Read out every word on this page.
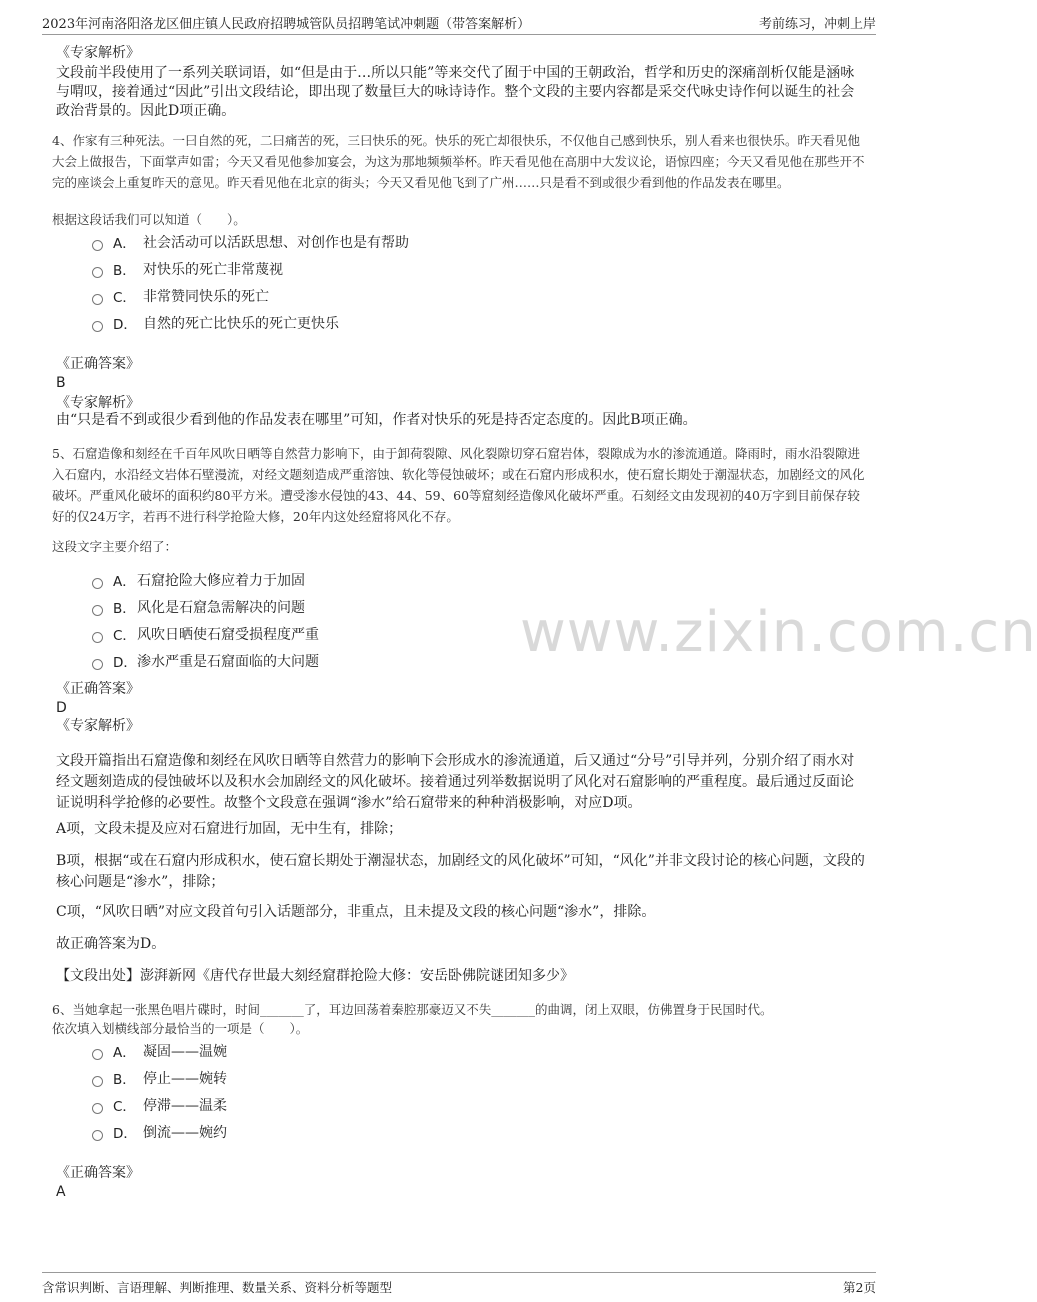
2023年河南洛阳洛龙区佃庄镇人民政府招聘城管队员招聘笔试冲刺题（带答案解析）	考前练习，冲刺上岸
www.zixin.com.cn
《专家解析》
文段前半段使用了一系列关联词语，如“但是由于…所以只能”等来交代了囿于中国的王朝政治，哲学和历史的深痛剖析仅能是涵咏与喟叹，接着通过“因此”引出文段结论，即出现了数量巨大的咏诗诗作。整个文段的主要内容都是采交代咏史诗作何以诞生的社会政治背景的。因此D项正确。
4、作家有三种死法。一曰自然的死，二曰痛苦的死，三曰快乐的死。快乐的死亡却很快乐，不仅他自己感到快乐，别人看来也很快乐。昨天看见他大会上做报告，下面掌声如雷；今天又看见他参加宴会，为这为那地频频举杯。昨天看见他在高朋中大发议论，语惊四座；今天又看见他在那些开不完的座谈会上重复昨天的意见。昨天看见他在北京的街头；今天又看见他飞到了广州……只是看不到或很少看到他的作品发表在哪里。
根据这段话我们可以知道（　　）。
A． 社会活动可以活跃思想、对创作也是有帮助
B． 对快乐的死亡非常蔑视
C． 非常赞同快乐的死亡
D． 自然的死亡比快乐的死亡更快乐
《正确答案》
B
《专家解析》
由“只是看不到或很少看到他的作品发表在哪里”可知，作者对快乐的死是持否定态度的。因此B项正确。
5、石窟造像和刻经在千百年风吹日晒等自然营力影响下，由于卸荷裂隙、风化裂隙切穿石窟岩体，裂隙成为水的渗流通道。降雨时，雨水沿裂隙进入石窟内，水沿经文岩体石壁漫流，对经文题刻造成严重溶蚀、软化等侵蚀破坏；或在石窟内形成积水，使石窟长期处于潮湿状态，加剧经文的风化破坏。严重风化破坏的面积约80平方米。遭受渗水侵蚀的43、44、59、60等窟刻经造像风化破坏严重。石刻经文由发现初的40万字到目前保存较好的仅24万字，若再不进行科学抢险大修，20年内这处经窟将风化不存。
这段文字主要介绍了：
A． 石窟抢险大修应着力于加固
B． 风化是石窟急需解决的问题
C． 风吹日晒使石窟受损程度严重
D． 渗水严重是石窟面临的大问题
《正确答案》
D
《专家解析》
文段开篇指出石窟造像和刻经在风吹日晒等自然营力的影响下会形成水的渗流通道，后又通过“分号”引导并列，分别介绍了雨水对经文题刻造成的侵蚀破坏以及积水会加剧经文的风化破坏。接着通过列举数据说明了风化对石窟影响的严重程度。最后通过反面论证说明科学抢修的必要性。故整个文段意在强调“渗水”给石窟带来的种种消极影响，对应D项。
A项，文段未提及应对石窟进行加固，无中生有，排除；
B项，根据“或在石窟内形成积水，使石窟长期处于潮湿状态，加剧经文的风化破坏”可知，“风化”并非文段讨论的核心问题，文段的核心问题是“渗水”，排除；
C项，“风吹日晒”对应文段首句引入话题部分，非重点，且未提及文段的核心问题“渗水”，排除。
故正确答案为D。
【文段出处】澎湃新网《唐代存世最大刻经窟群抢险大修：安岳卧佛院谜团知多少》
6、当她拿起一张黑色唱片碟时，时间_______了，耳边回荡着秦腔那豪迈又不失_______的曲调，闭上双眼，仿佛置身于民国时代。
依次填入划横线部分最恰当的一项是（　　）。
A． 凝固——温婉
B． 停止——婉转
C． 停滞——温柔
D． 倒流——婉约
《正确答案》
A
含常识判断、言语理解、判断推理、数量关系、资料分析等题型	第2页
